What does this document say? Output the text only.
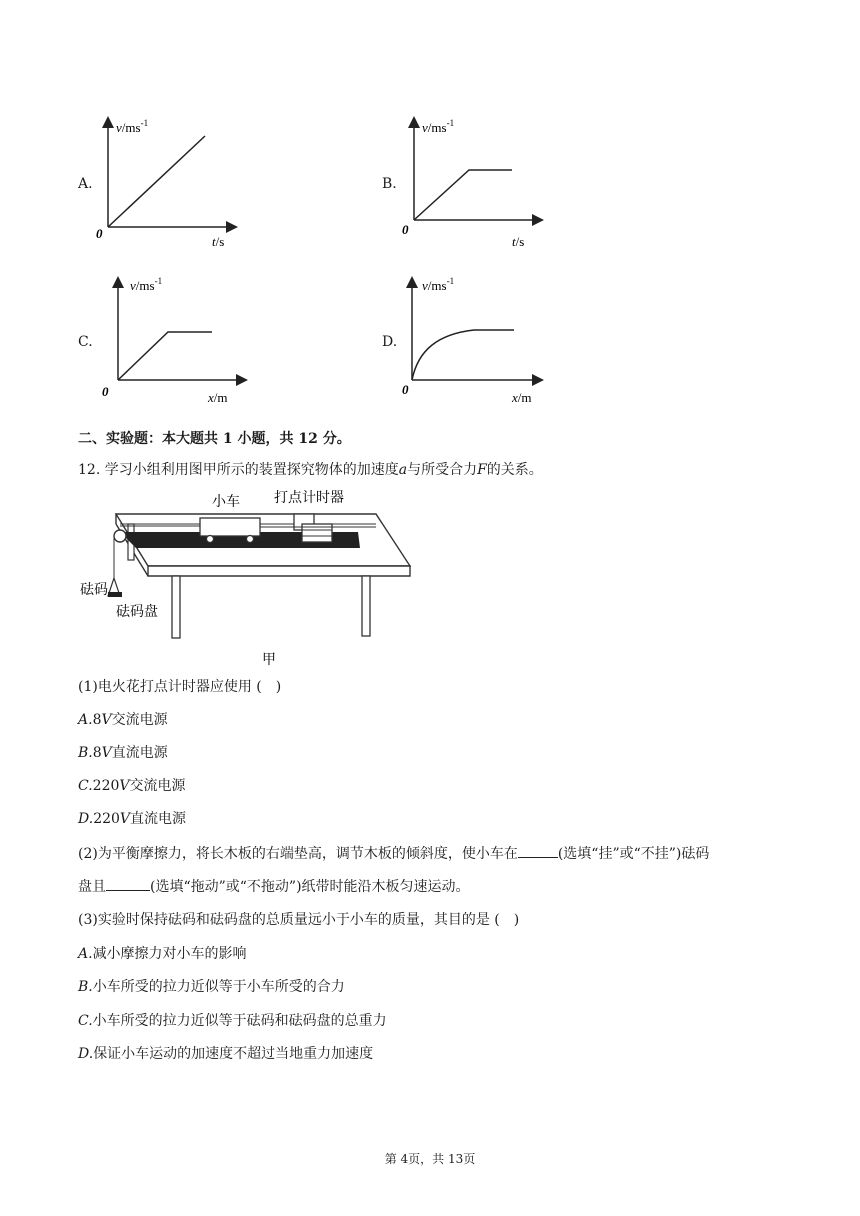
A.	B.
C.	D.
$v/ms^{-1}$
0
t/s
$v/ms^{-1}$
0
t/s
$v/ms^{-1}$
0	x/m
$v/ms^{-1}$
0
x/m
二、实验题：本大题共 1 小题，共 12 分。
12. 学习小组利用图甲所示的装置探究物体的加速度a与所受合力F的关系。
小车 打点计时器
砝码
砝码盘
甲
(1)电火花打点计时器应使用 (　)
A.8V交流电源
B.8V直流电源
C.220V交流电源
D.220V直流电源
(2)为平衡摩擦力，将长木板的右端垫高，调节木板的倾斜度，使小车在	(选填“挂”或“不挂”)砝码
盘且	(选填“拖动”或“不拖动”)纸带时能沿木板匀速运动。
(3)实验时保持砝码和砝码盘的总质量远小于小车的质量，其目的是 (　)
A.减小摩擦力对小车的影响
B.小车所受的拉力近似等于小车所受的合力
C.小车所受的拉力近似等于砝码和砝码盘的总重力
D.保证小车运动的加速度不超过当地重力加速度
第 4页，共 13页
